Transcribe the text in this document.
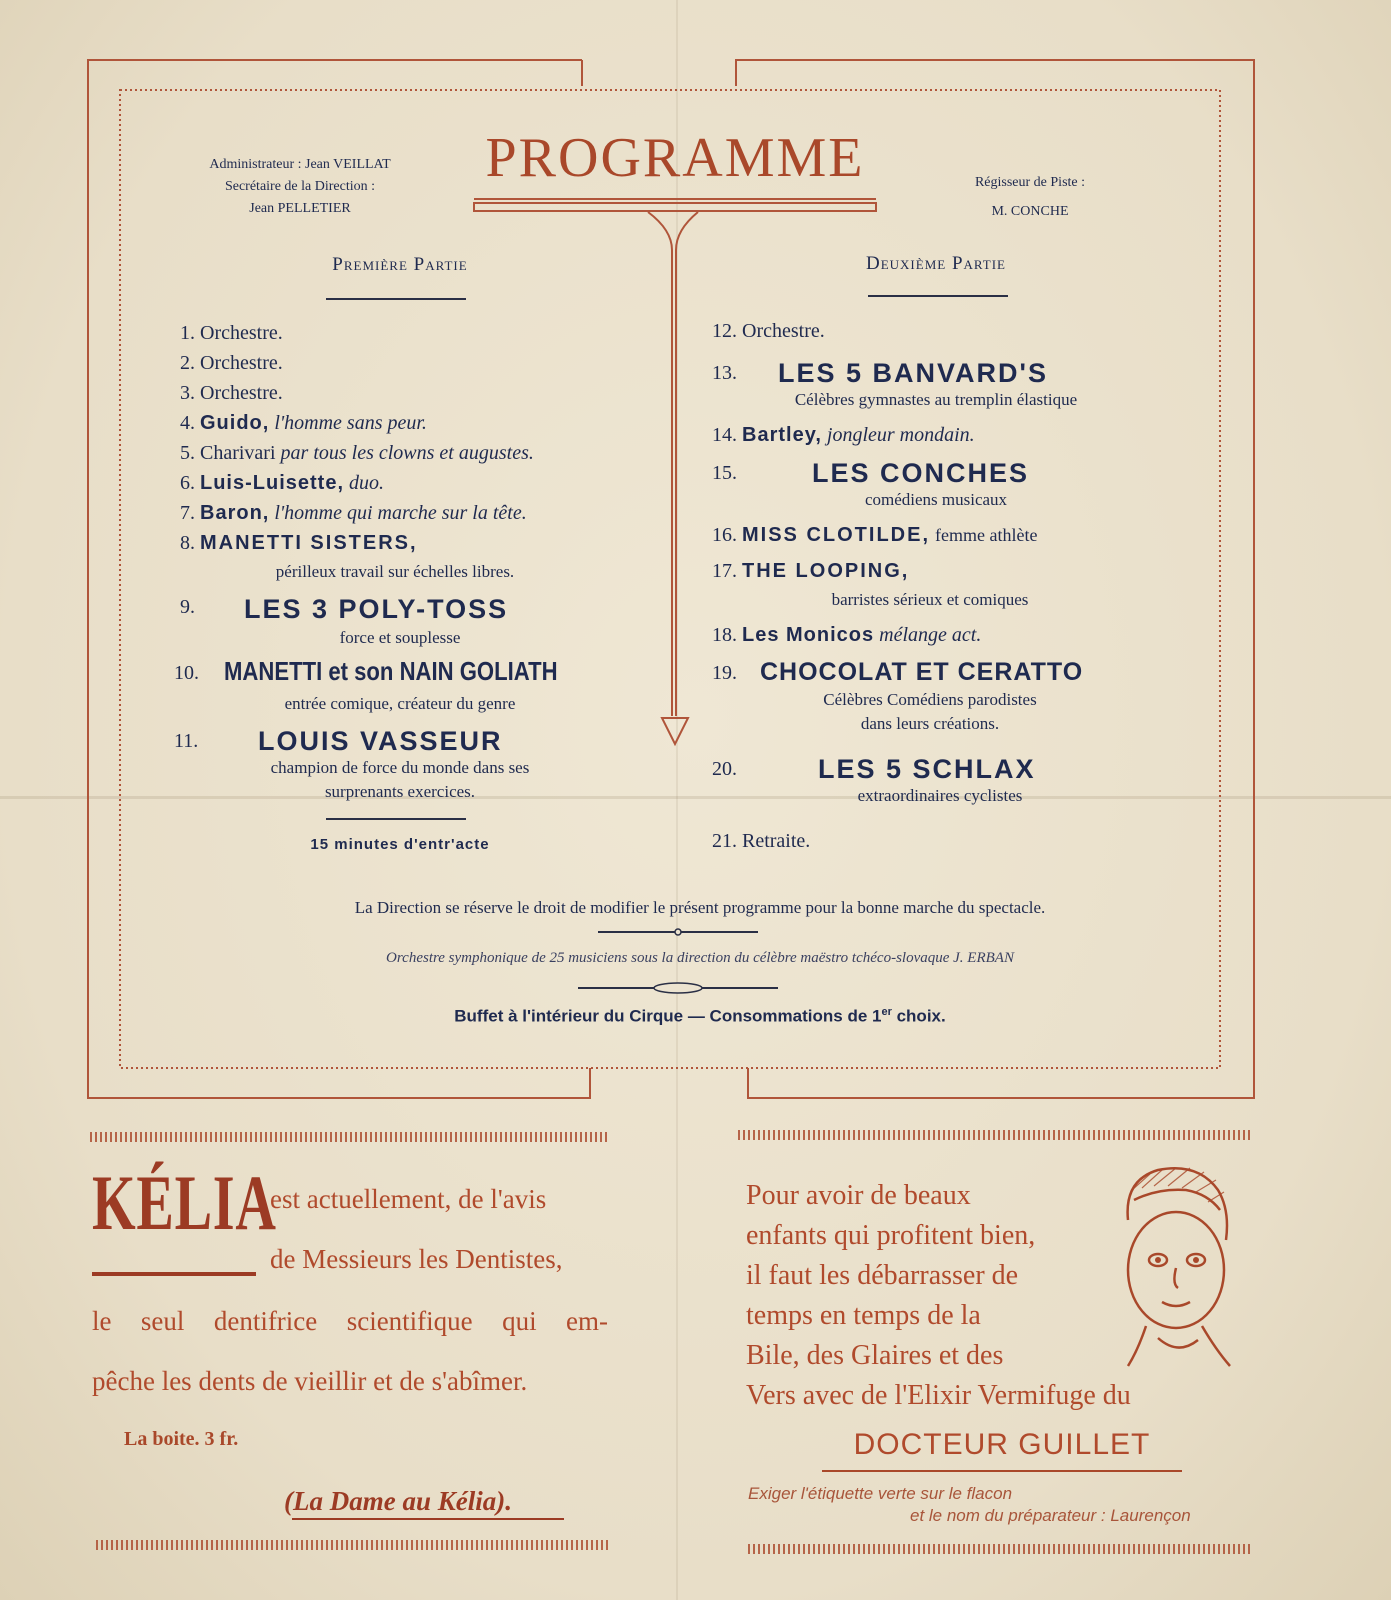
Administrateur : Jean VEILLAT
Secrétaire de la Direction :
Jean PELLETIER
Régisseur de Piste :
M. CONCHE
PROGRAMME
Première Partie	Deuxième Partie
1. Orchestre.
2. Orchestre.
3. Orchestre.
4. Guido, l'homme sans peur.
5. Charivari par tous les clowns et augustes.
6. Luis-Luisette, duo.
7. Baron, l'homme qui marche sur la tête.
8. MANETTI SISTERS,
périlleux travail sur échelles libres.
9. LES 3 POLY-TOSS
force et souplesse
10. MANETTI et son NAIN GOLIATH
entrée comique, créateur du genre
11. LOUIS VASSEUR
champion de force du monde dans ses
surprenants exercices.
15 minutes d'entr'acte
12. Orchestre.
13. LES 5 BANVARD'S
Célèbres gymnastes au tremplin élastique
14. Bartley, jongleur mondain.
15.	LES CONCHES
comédiens musicaux
16. MISS CLOTILDE, femme athlète
17. THE LOOPING,
barristes sérieux et comiques
18. Les Monicos mélange act.
19. CHOCOLAT ET CERATTO
Célèbres Comédiens parodistes
dans leurs créations.
20.	LES 5 SCHLAX
extraordinaires cyclistes
21. Retraite.
La Direction se réserve le droit de modifier le présent programme pour la bonne marche du spectacle.
Orchestre symphonique de 25 musiciens sous la direction du célèbre maëstro tchéco-slovaque J. ERBAN
Buffet à l'intérieur du Cirque — Consommations de 1er choix.
KÉLIA
est actuellement, de l'avis
de Messieurs les Dentistes,
le seul dentifrice scientifique qui em-
pêche les dents de vieillir et de s'abîmer.
La boite. 3 fr.
(La Dame au Kélia).
Pour avoir de beaux
enfants qui profitent bien,
il faut les débarrasser de
temps en temps de la
Bile, des Glaires et des
Vers avec de l'Elixir Vermifuge du
DOCTEUR GUILLET
Exiger l'étiquette verte sur le flacon
et le nom du préparateur : Laurençon
